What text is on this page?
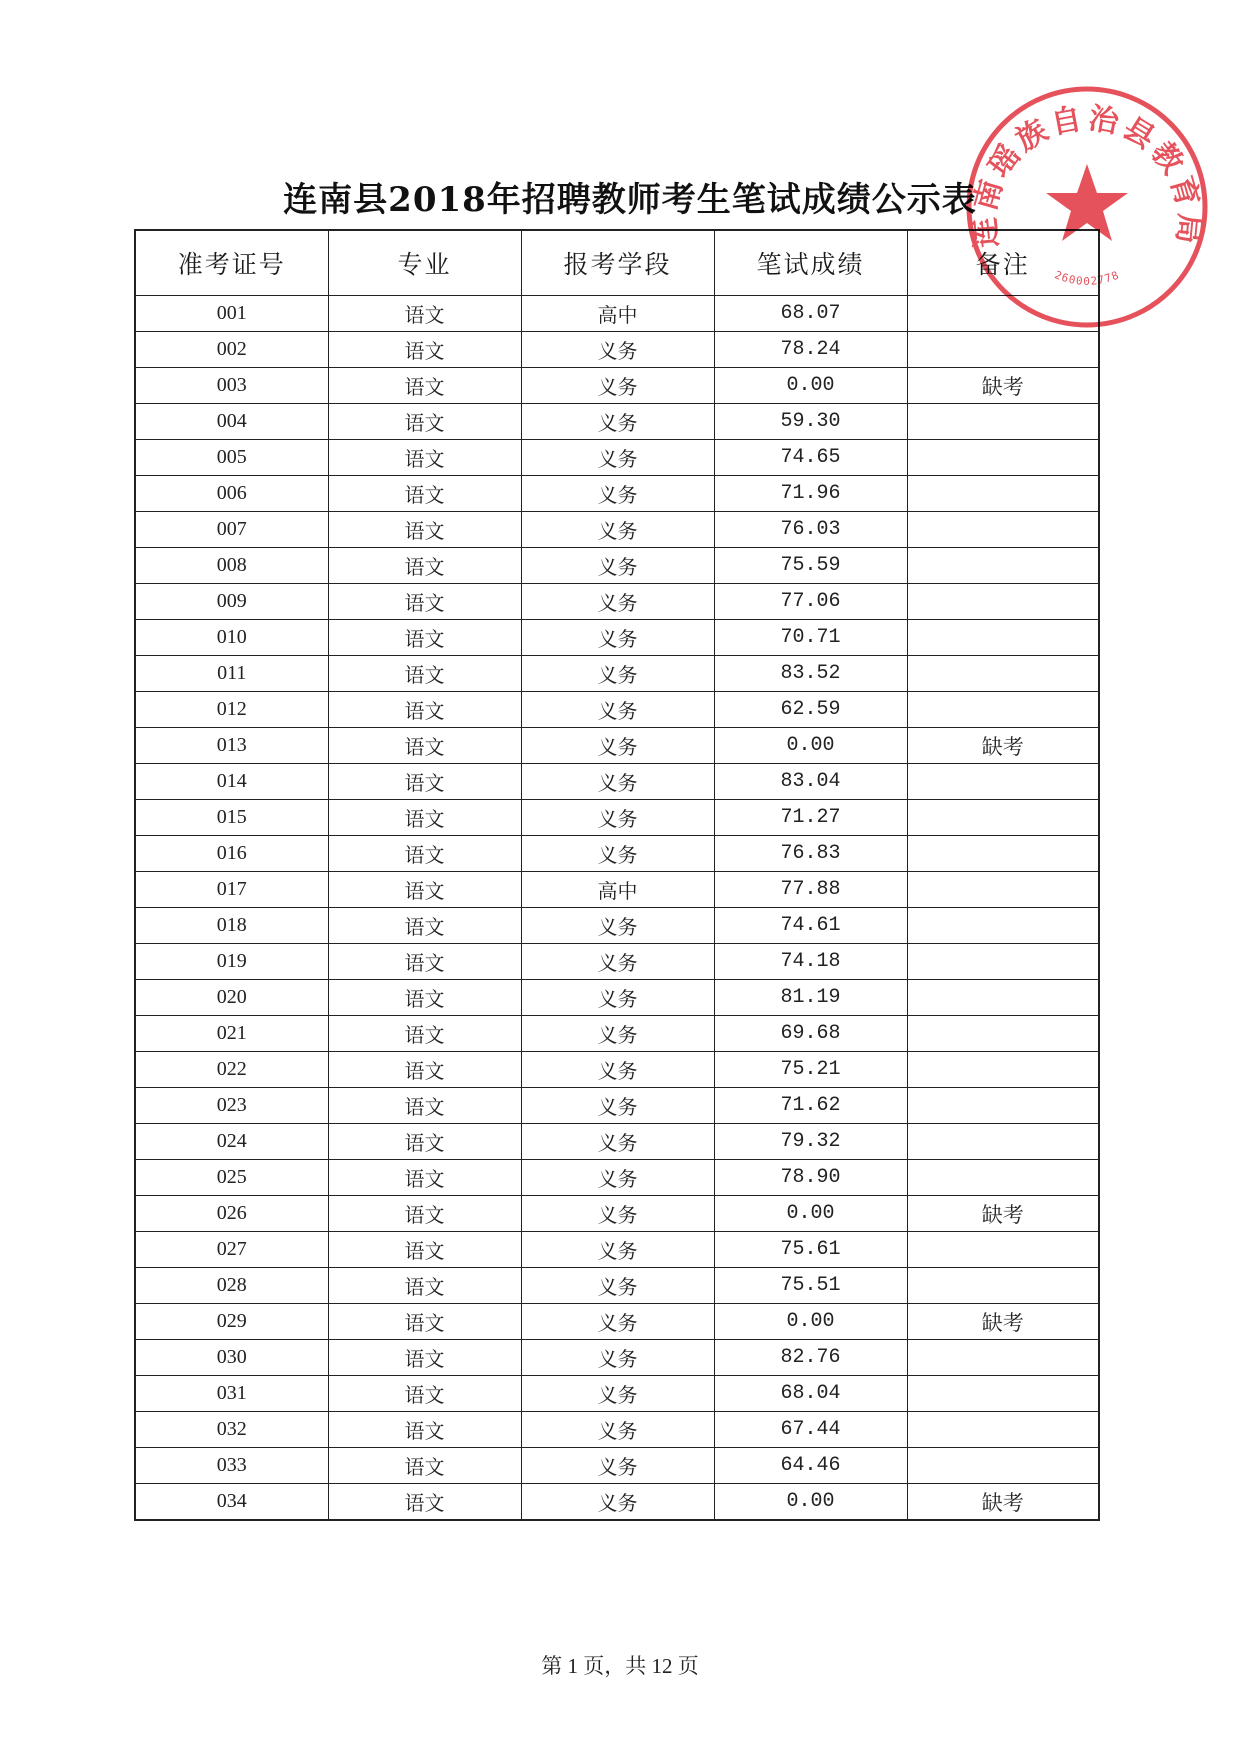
连南县2018年招聘教师考生笔试成绩公示表
准考证号	专业	报考学段	笔试成绩	备注
001	语文	高中	68.07	
002	语文	义务	78.24	
003	语文	义务	0.00	缺考
004	语文	义务	59.30	
005	语文	义务	74.65	
006	语文	义务	71.96	
007	语文	义务	76.03	
008	语文	义务	75.59	
009	语文	义务	77.06	
010	语文	义务	70.71	
011	语文	义务	83.52	
012	语文	义务	62.59	
013	语文	义务	0.00	缺考
014	语文	义务	83.04	
015	语文	义务	71.27	
016	语文	义务	76.83	
017	语文	高中	77.88	
018	语文	义务	74.61	
019	语文	义务	74.18	
020	语文	义务	81.19	
021	语文	义务	69.68	
022	语文	义务	75.21	
023	语文	义务	71.62	
024	语文	义务	79.32	
025	语文	义务	78.90	
026	语文	义务	0.00	缺考
027	语文	义务	75.61	
028	语文	义务	75.51	
029	语文	义务	0.00	缺考
030	语文	义务	82.76	
031	语文	义务	68.04	
032	语文	义务	67.44	
033	语文	义务	64.46	
034	语文	义务	0.00	缺考
第 1 页，共 12 页
连南瑶族自治县教育局
260002778
